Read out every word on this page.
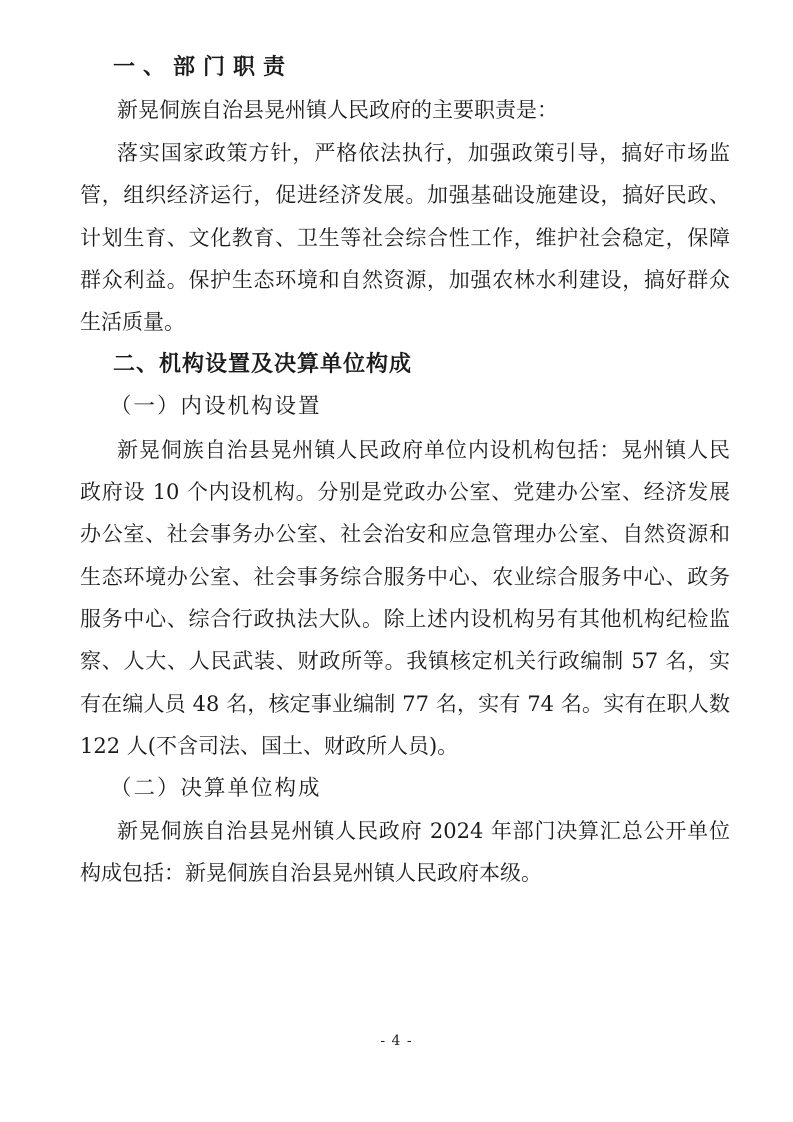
一、部门职责
新晃侗族自治县晃州镇人民政府的主要职责是：
落实国家政策方针，严格依法执行，加强政策引导，搞好市场监
管，组织经济运行，促进经济发展。加强基础设施建设，搞好民政、
计划生育、文化教育、卫生等社会综合性工作，维护社会稳定，保障
群众利益。保护生态环境和自然资源，加强农林水利建设，搞好群众
生活质量。
二、机构设置及决算单位构成
（一）内设机构设置
新晃侗族自治县晃州镇人民政府单位内设机构包括：晃州镇人民
政府设 10 个内设机构。分别是党政办公室、党建办公室、经济发展
办公室、社会事务办公室、社会治安和应急管理办公室、自然资源和
生态环境办公室、社会事务综合服务中心、农业综合服务中心、政务
服务中心、综合行政执法大队。除上述内设机构另有其他机构纪检监
察、人大、人民武装、财政所等。我镇核定机关行政编制 57 名，实
有在编人员 48 名，核定事业编制 77 名，实有 74 名。实有在职人数
122 人(不含司法、国土、财政所人员)。
（二）决算单位构成
新晃侗族自治县晃州镇人民政府 2024 年部门决算汇总公开单位
构成包括：新晃侗族自治县晃州镇人民政府本级。
- 4 -
